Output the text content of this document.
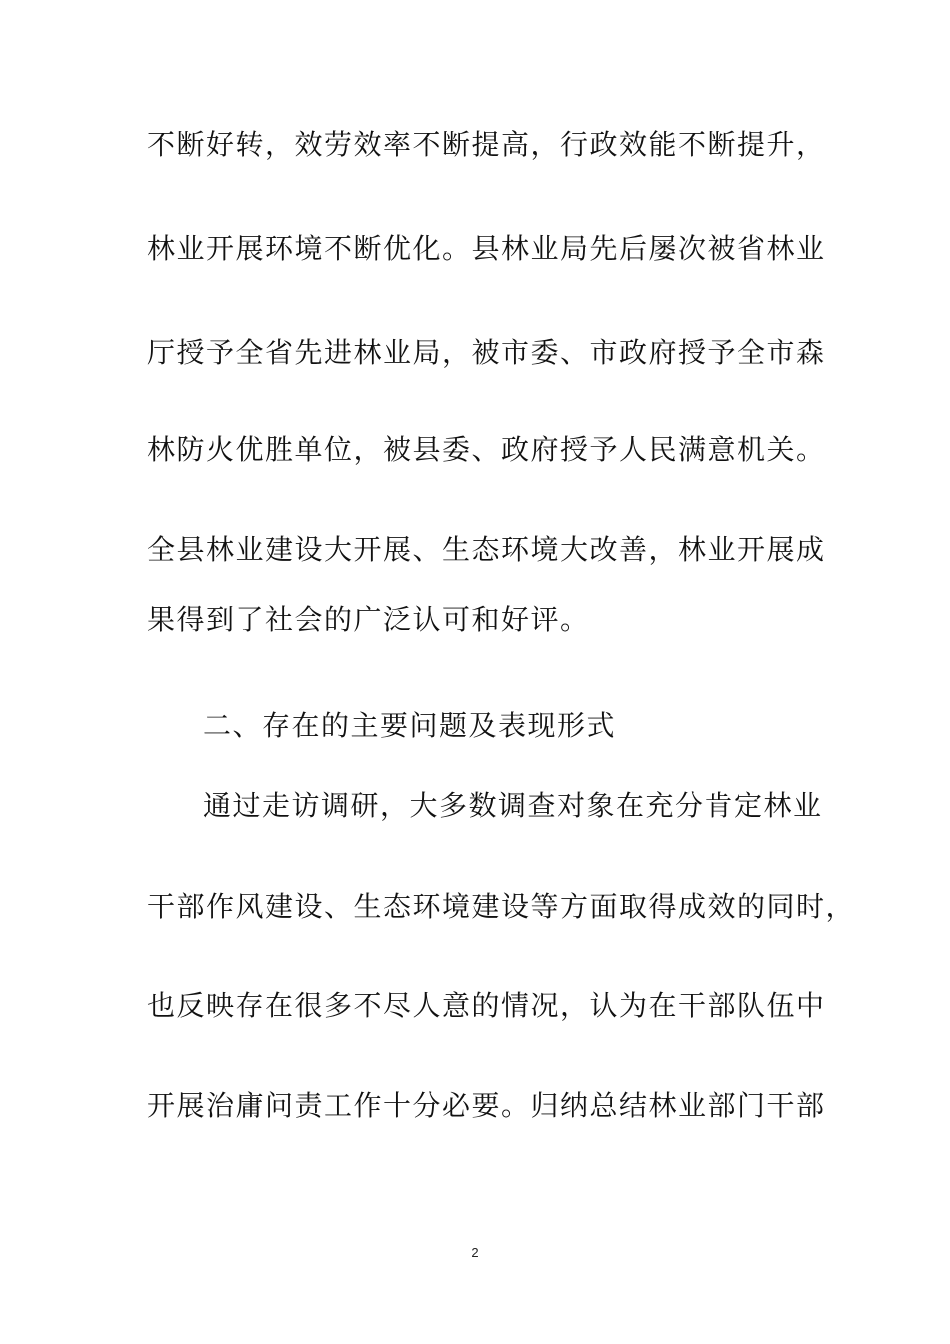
不断好转，效劳效率不断提高，行政效能不断提升，
林业开展环境不断优化。县林业局先后屡次被省林业
厅授予全省先进林业局，被市委、市政府授予全市森
林防火优胜单位，被县委、政府授予人民满意机关。
全县林业建设大开展、生态环境大改善，林业开展成
果得到了社会的广泛认可和好评。
二、存在的主要问题及表现形式
通过走访调研，大多数调查对象在充分肯定林业
干部作风建设、生态环境建设等方面取得成效的同时，
也反映存在很多不尽人意的情况，认为在干部队伍中
开展治庸问责工作十分必要。归纳总结林业部门干部
2
